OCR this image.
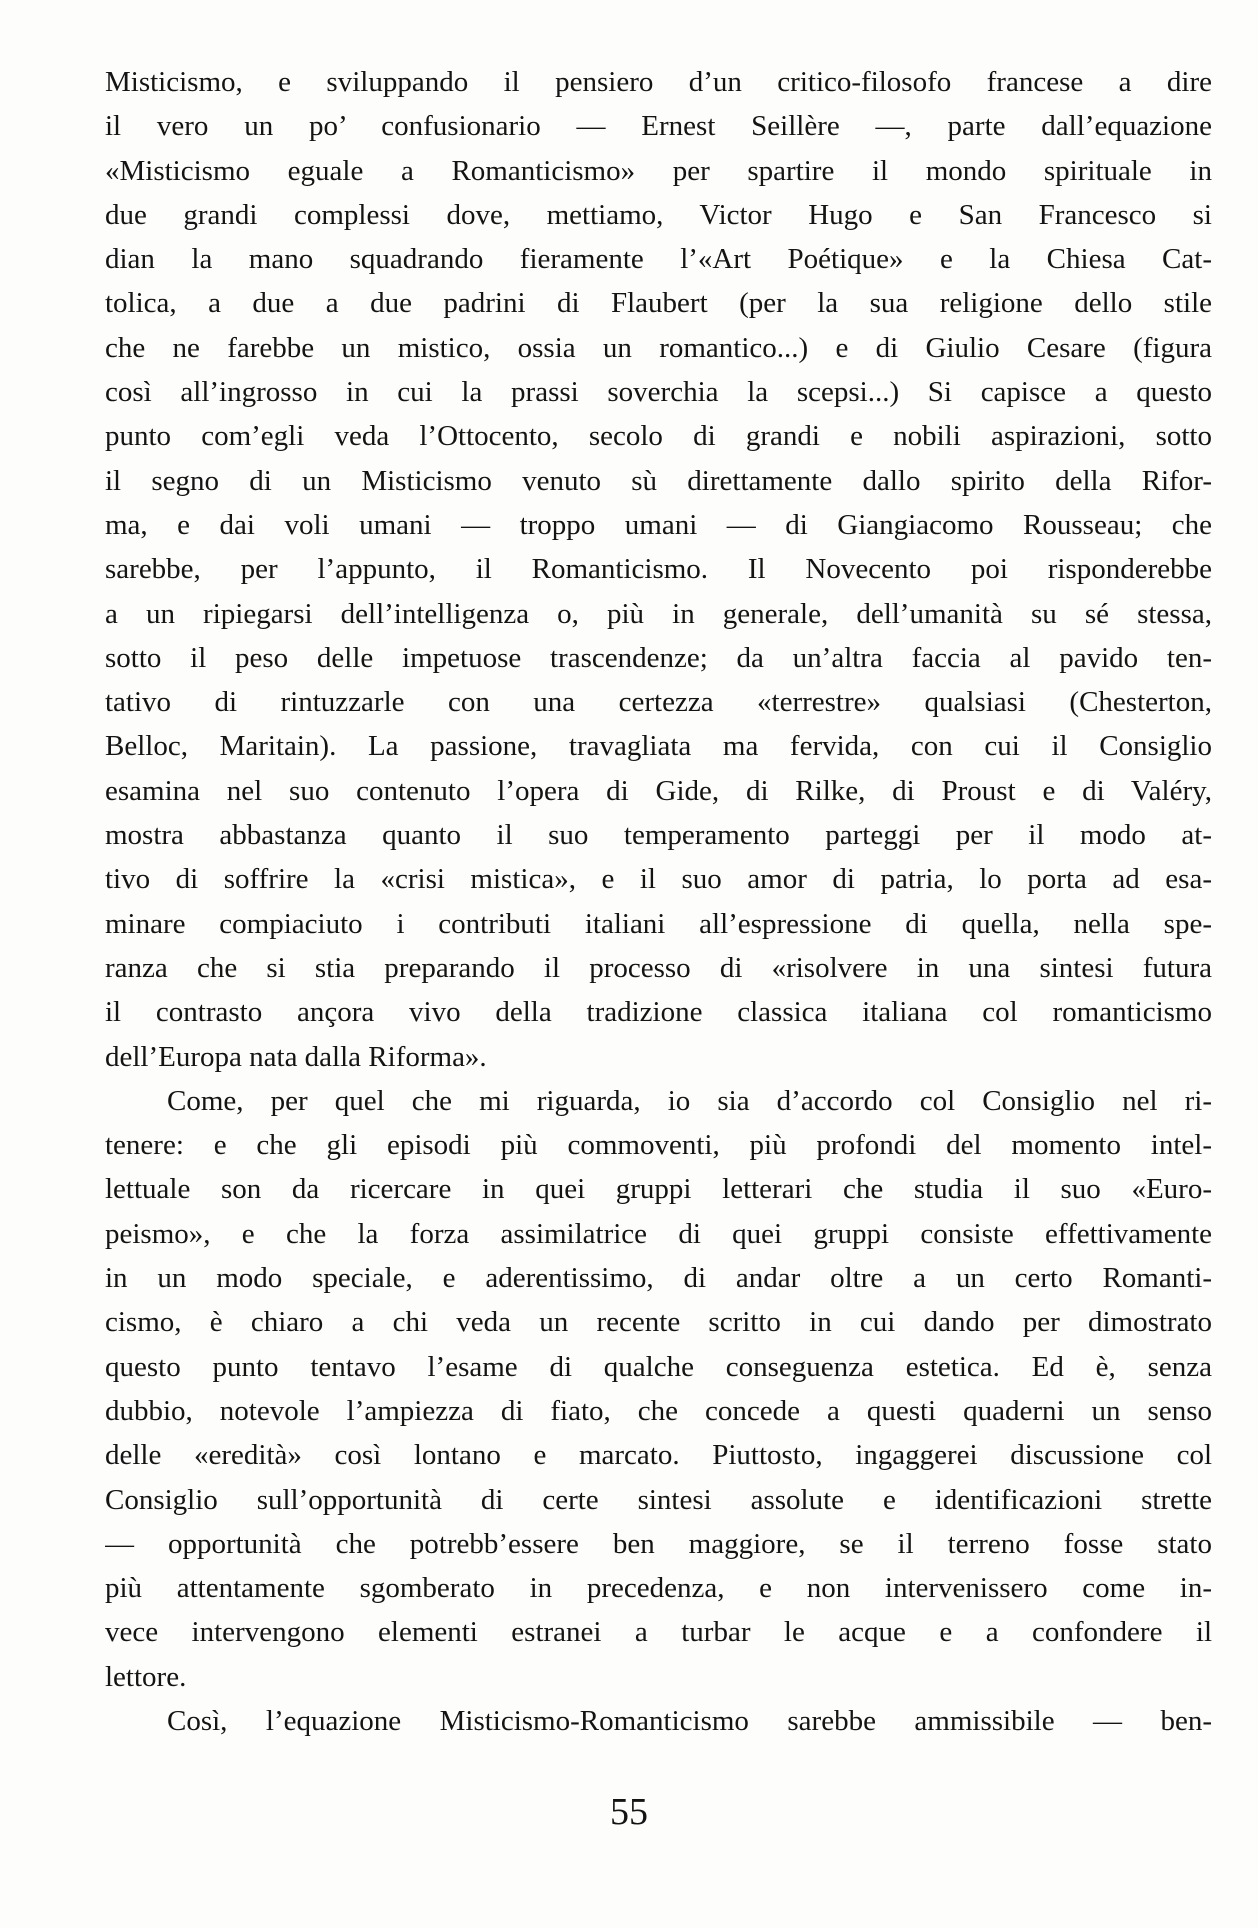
Misticismo, e sviluppando il pensiero d’un critico-filosofo francese a dire
il vero un po’ confusionario — Ernest Seillère —, parte dall’equazione
«Misticismo eguale a Romanticismo» per spartire il mondo spirituale in
due grandi complessi dove, mettiamo, Victor Hugo e San Francesco si
dian la mano squadrando fieramente l’«Art Poétique» e la Chiesa Cat-
tolica, a due a due padrini di Flaubert (per la sua religione dello stile
che ne farebbe un mistico, ossia un romantico...) e di Giulio Cesare (figura
così all’ingrosso in cui la prassi soverchia la scepsi...) Si capisce a questo
punto com’egli veda l’Ottocento, secolo di grandi e nobili aspirazioni, sotto
il segno di un Misticismo venuto sù direttamente dallo spirito della Rifor-
ma, e dai voli umani — troppo umani — di Giangiacomo Rousseau; che
sarebbe, per l’appunto, il Romanticismo. Il Novecento poi risponderebbe
a un ripiegarsi dell’intelligenza o, più in generale, dell’umanità su sé stessa,
sotto il peso delle impetuose trascendenze; da un’altra faccia al pavido ten-
tativo di rintuzzarle con una certezza «terrestre» qualsiasi (Chesterton,
Belloc, Maritain). La passione, travagliata ma fervida, con cui il Consiglio
esamina nel suo contenuto l’opera di Gide, di Rilke, di Proust e di Valéry,
mostra abbastanza quanto il suo temperamento parteggi per il modo at-
tivo di soffrire la «crisi mistica», e il suo amor di patria, lo porta ad esa-
minare compiaciuto i contributi italiani all’espressione di quella, nella spe-
ranza che si stia preparando il processo di «risolvere in una sintesi futura
il contrasto ançora vivo della tradizione classica italiana col romanticismo
dell’Europa nata dalla Riforma».
Come, per quel che mi riguarda, io sia d’accordo col Consiglio nel ri-
tenere: e che gli episodi più commoventi, più profondi del momento intel-
lettuale son da ricercare in quei gruppi letterari che studia il suo «Euro-
peismo», e che la forza assimilatrice di quei gruppi consiste effettivamente
in un modo speciale, e aderentissimo, di andar oltre a un certo Romanti-
cismo, è chiaro a chi veda un recente scritto in cui dando per dimostrato
questo punto tentavo l’esame di qualche conseguenza estetica. Ed è, senza
dubbio, notevole l’ampiezza di fiato, che concede a questi quaderni un senso
delle «eredità» così lontano e marcato. Piuttosto, ingaggerei discussione col
Consiglio sull’opportunità di certe sintesi assolute e identificazioni strette
— opportunità che potrebb’essere ben maggiore, se il terreno fosse stato
più attentamente sgomberato in precedenza, e non intervenissero come in-
vece intervengono elementi estranei a turbar le acque e a confondere il
lettore.
Così, l’equazione Misticismo-Romanticismo sarebbe ammissibile — ben-
55
